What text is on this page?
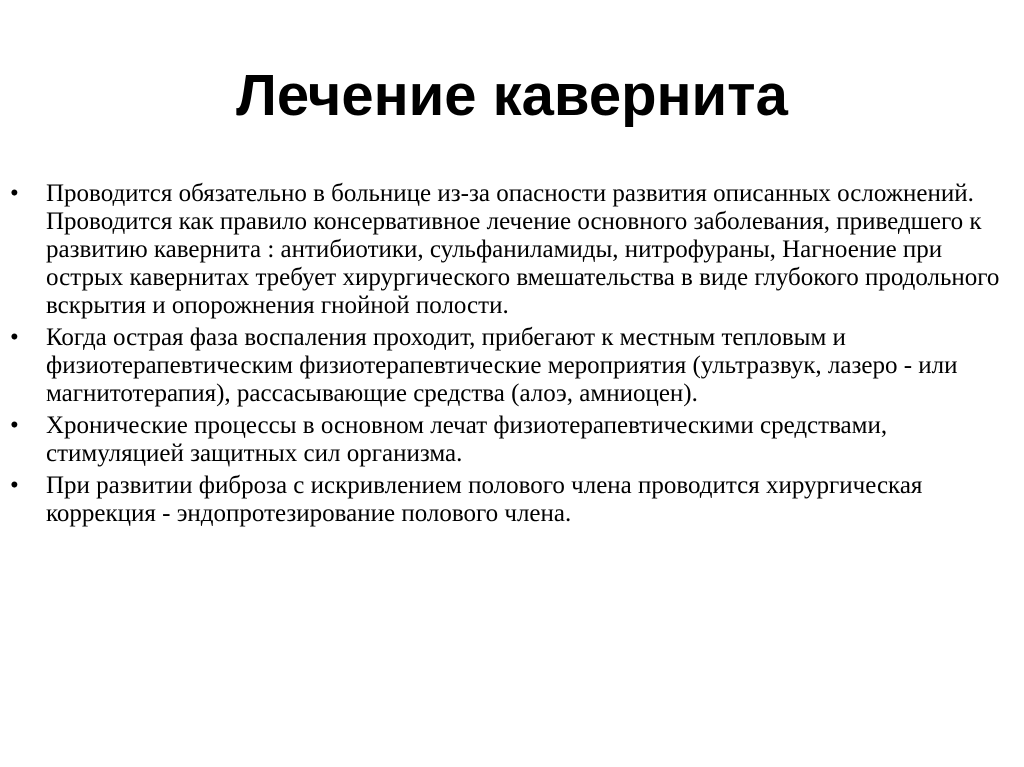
Лечение кавернита
• Проводится обязательно в больнице из-за опасности развития описанных осложнений. Проводится как правило консервативное лечение основного заболевания, приведшего к развитию кавернита : антибиотики, сульфаниламиды, нитрофураны, Нагноение при острых кавернитах требует хирургического вмешательства в виде глубокого продольного вскрытия и опорожнения гнойной полости.
• Когда острая фаза воспаления проходит, прибегают к местным тепловым и физиотерапевтическим физиотерапевтические мероприятия (ультразвук, лазеро - или магнитотерапия), рассасывающие средства (алоэ, амниоцен).
• Хронические процессы в основном лечат физиотерапевтическими средствами, стимуляцией защитных сил организма.
• При развитии фиброза с искривлением полового члена проводится хирургическая коррекция - эндопротезирование полового члена.
